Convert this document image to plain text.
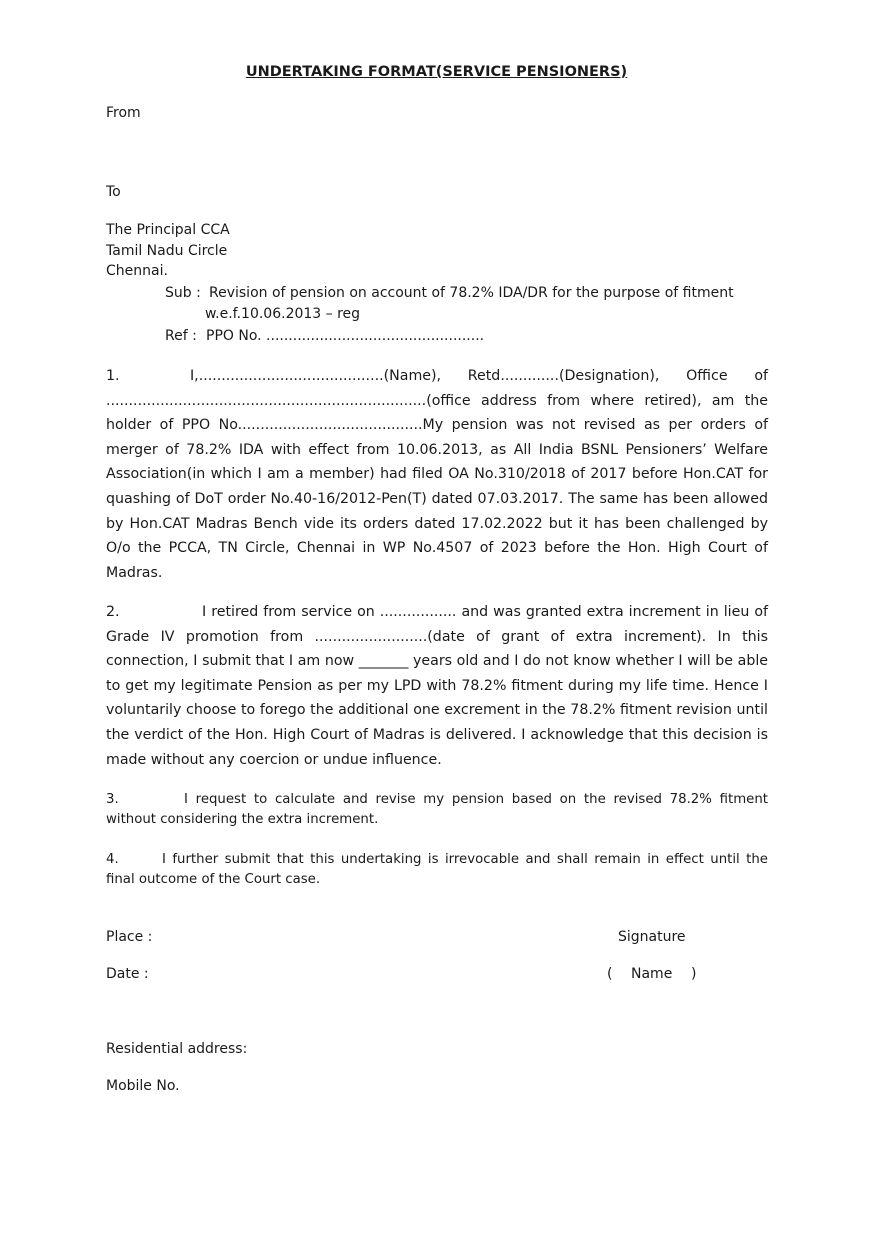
UNDERTAKING FORMAT(SERVICE PENSIONERS)
From
To
The Principal CCA
Tamil Nadu Circle
Chennai.
Sub : Revision of pension on account of 78.2% IDA/DR for the purpose of fitment
w.e.f.10.06.2013 – reg
Ref : PPO No. .................................................
1.	I,.........................................(Name), Retd.............(Designation), Office of .......................................................................(office address from where retired), am the holder of PPO No.........................................My pension was not revised as per orders of merger of 78.2% IDA with effect from 10.06.2013, as All India BSNL Pensioners’ Welfare Association(in which I am a member) had filed OA No.310/2018 of 2017 before Hon.CAT for quashing of DoT order No.40-16/2012-Pen(T) dated 07.03.2017. The same has been allowed by Hon.CAT Madras Bench vide its orders dated 17.02.2022 but it has been challenged by O/o the PCCA, TN Circle, Chennai in WP No.4507 of 2023 before the Hon. High Court of Madras.
2.	I retired from service on ................. and was granted extra increment in lieu of Grade IV promotion from .........................(date of grant of extra increment). In this connection, I submit that I am now _______ years old and I do not know whether I will be able to get my legitimate Pension as per my LPD with 78.2% fitment during my life time. Hence I voluntarily choose to forego the additional one excrement in the 78.2% fitment revision until the verdict of the Hon. High Court of Madras is delivered. I acknowledge that this decision is made without any coercion or undue influence.
3.	I request to calculate and revise my pension based on the revised 78.2% fitment without considering the extra increment.
4.	I further submit that this undertaking is irrevocable and shall remain in effect until the final outcome of the Court case.
Place :	Signature
Date :	( Name )
Residential address:
Mobile No.
